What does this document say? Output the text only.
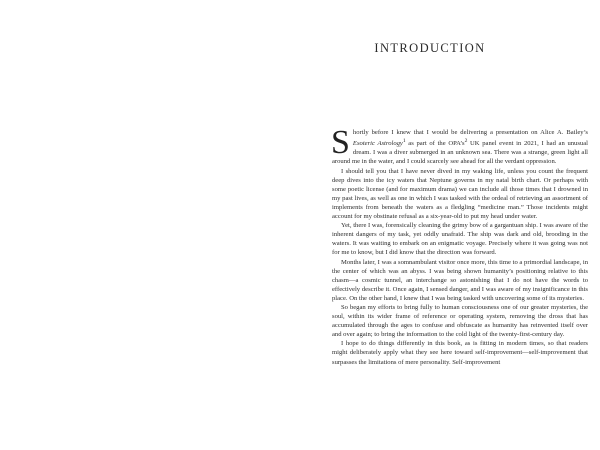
INTRODUCTION

Shortly before I knew that I would be delivering a presentation on Alice A. Bailey’s Esoteric Astrology$^1$ as part of the $OPA’s^2$ UK panel event in 2021, I had an unusual dream. I was a diver submerged in an unknown sea. There was a strange, green light all around me in the water, and I could scarcely see ahead for all the verdant oppression.

I should tell you that I have never dived in my waking life, unless you count the frequent deep dives into the icy waters that Neptune governs in my natal birth chart. Or perhaps with some poetic license (and for maximum drama) we can include all those times that I drowned in my past lives, as well as one in which I was tasked with the ordeal of retrieving an assortment of implements from beneath the waters as a fledgling “medicine man.” Those incidents might account for my obstinate refusal as a six-year-old to put my head under water.

Yet, there I was, forensically cleaning the grimy bow of a gargantuan ship. I was aware of the inherent dangers of my task, yet oddly unafraid. The ship was dark and old, brooding in the waters. It was waiting to embark on an enigmatic voyage. Precisely where it was going was not for me to know, but I did know that the direction was forward.

Months later, I was a somnambulant visitor once more, this time to a primordial landscape, in the center of which was an abyss. I was being shown humanity’s positioning relative to this chasm—a cosmic tunnel, an interchange so astonishing that I do not have the words to effectively describe it. Once again, I sensed danger, and I was aware of my insignificance in this place. On the other hand, I knew that I was being tasked with uncovering some of its mysteries.

So began my efforts to bring fully to human consciousness one of our greater mysteries, the soul, within its wider frame of reference or operating system, removing the dross that has accumulated through the ages to confuse and obfuscate as humanity has reinvented itself over and over again; to bring the information to the cold light of the twenty-first-century day.

I hope to do things differently in this book, as is fitting in modern times, so that readers might deliberately apply what they see here toward self-improvement—self-improvement that surpasses the limitations of mere personality. Self-improvement
